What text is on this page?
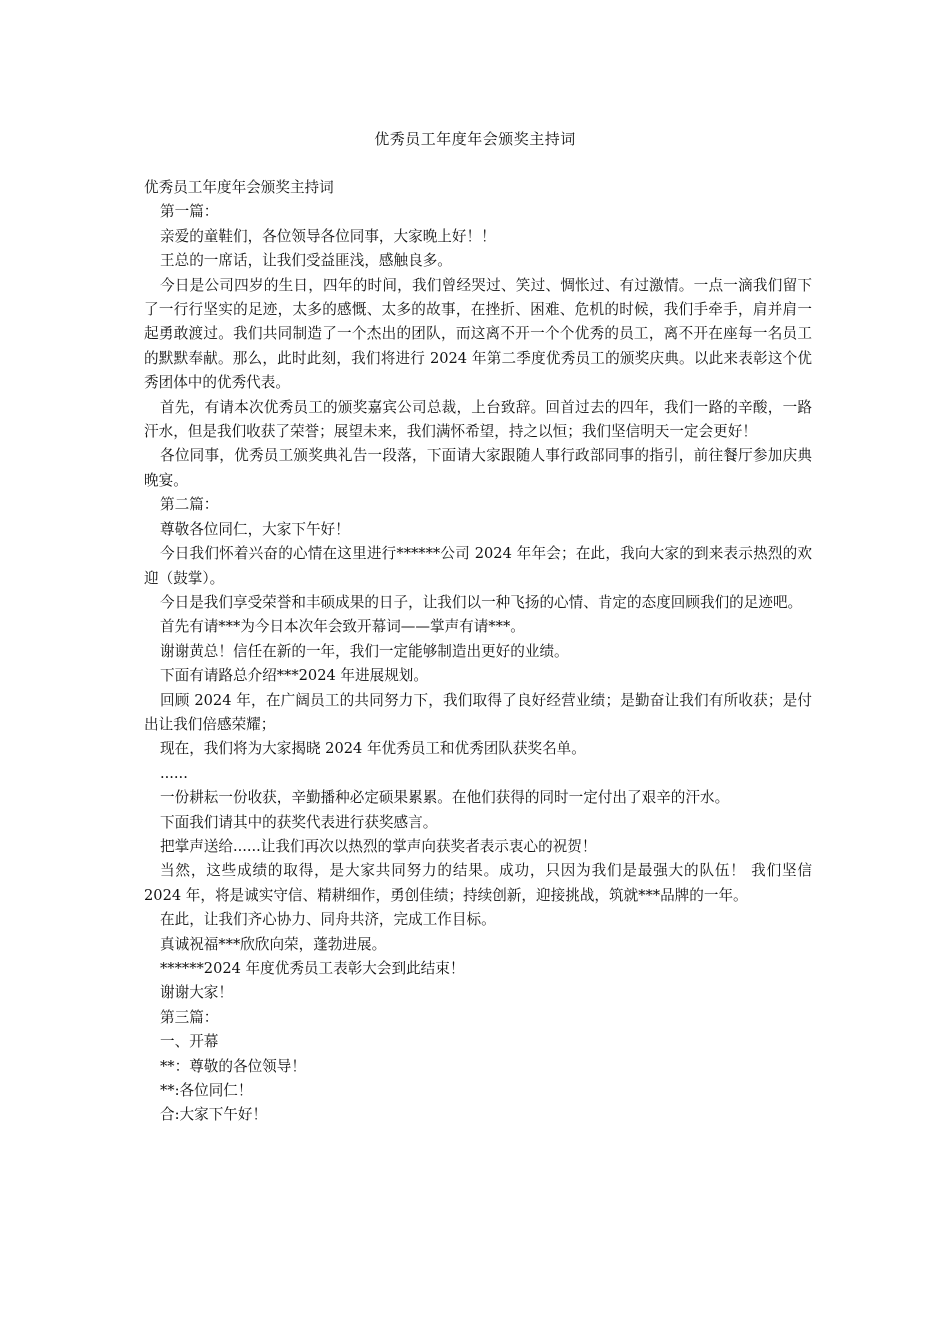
优秀员工年度年会颁奖主持词

优秀员工年度年会颁奖主持词

第一篇：

亲爱的童鞋们，各位领导各位同事，大家晚上好！！

王总的一席话，让我们受益匪浅，感触良多。

今日是公司四岁的生日，四年的时间，我们曾经哭过、笑过、惆怅过、有过激情。一点一滴我们留下了一行行坚实的足迹，太多的感慨、太多的故事，在挫折、困难、危机的时候，我们手牵手，肩并肩一起勇敢渡过。我们共同制造了一个杰出的团队，而这离不开一个个优秀的员工，离不开在座每一名员工的默默奉献。那么，此时此刻，我们将进行 2024 年第二季度优秀员工的颁奖庆典。以此来表彰这个优秀团体中的优秀代表。

首先，有请本次优秀员工的颁奖嘉宾公司总裁，上台致辞。回首过去的四年，我们一路的辛酸，一路汗水，但是我们收获了荣誉；展望未来，我们满怀希望，持之以恒；我们坚信明天一定会更好！

各位同事，优秀员工颁奖典礼告一段落，下面请大家跟随人事行政部同事的指引，前往餐厅参加庆典晚宴。

第二篇：

尊敬各位同仁，大家下午好！

今日我们怀着兴奋的心情在这里进行******公司 2024 年年会；在此，我向大家的到来表示热烈的欢迎（鼓掌）。

今日是我们享受荣誉和丰硕成果的日子，让我们以一种飞扬的心情、肯定的态度回顾我们的足迹吧。

首先有请***为今日本次年会致开幕词——掌声有请***。

谢谢黄总！信任在新的一年，我们一定能够制造出更好的业绩。

下面有请路总介绍***2024 年进展规划。

回顾 2024 年，在广阔员工的共同努力下，我们取得了良好经营业绩；是勤奋让我们有所收获；是付出让我们倍感荣耀；

现在，我们将为大家揭晓 2024 年优秀员工和优秀团队获奖名单。

......

一份耕耘一份收获，辛勤播种必定硕果累累。在他们获得的同时一定付出了艰辛的汗水。

下面我们请其中的获奖代表进行获奖感言。

把掌声送给......让我们再次以热烈的掌声向获奖者表示衷心的祝贺！

当然，这些成绩的取得，是大家共同努力的结果。成功，只因为我们是最强大的队伍！ 我们坚信 2024 年，将是诚实守信、精耕细作，勇创佳绩；持续创新，迎接挑战，筑就***品牌的一年。

在此，让我们齐心协力、同舟共济，完成工作目标。

真诚祝福***欣欣向荣，蓬勃进展。

******2024 年度优秀员工表彰大会到此结束！

谢谢大家！

第三篇：

一、开幕

**：尊敬的各位领导！

**:各位同仁！

合:大家下午好！
